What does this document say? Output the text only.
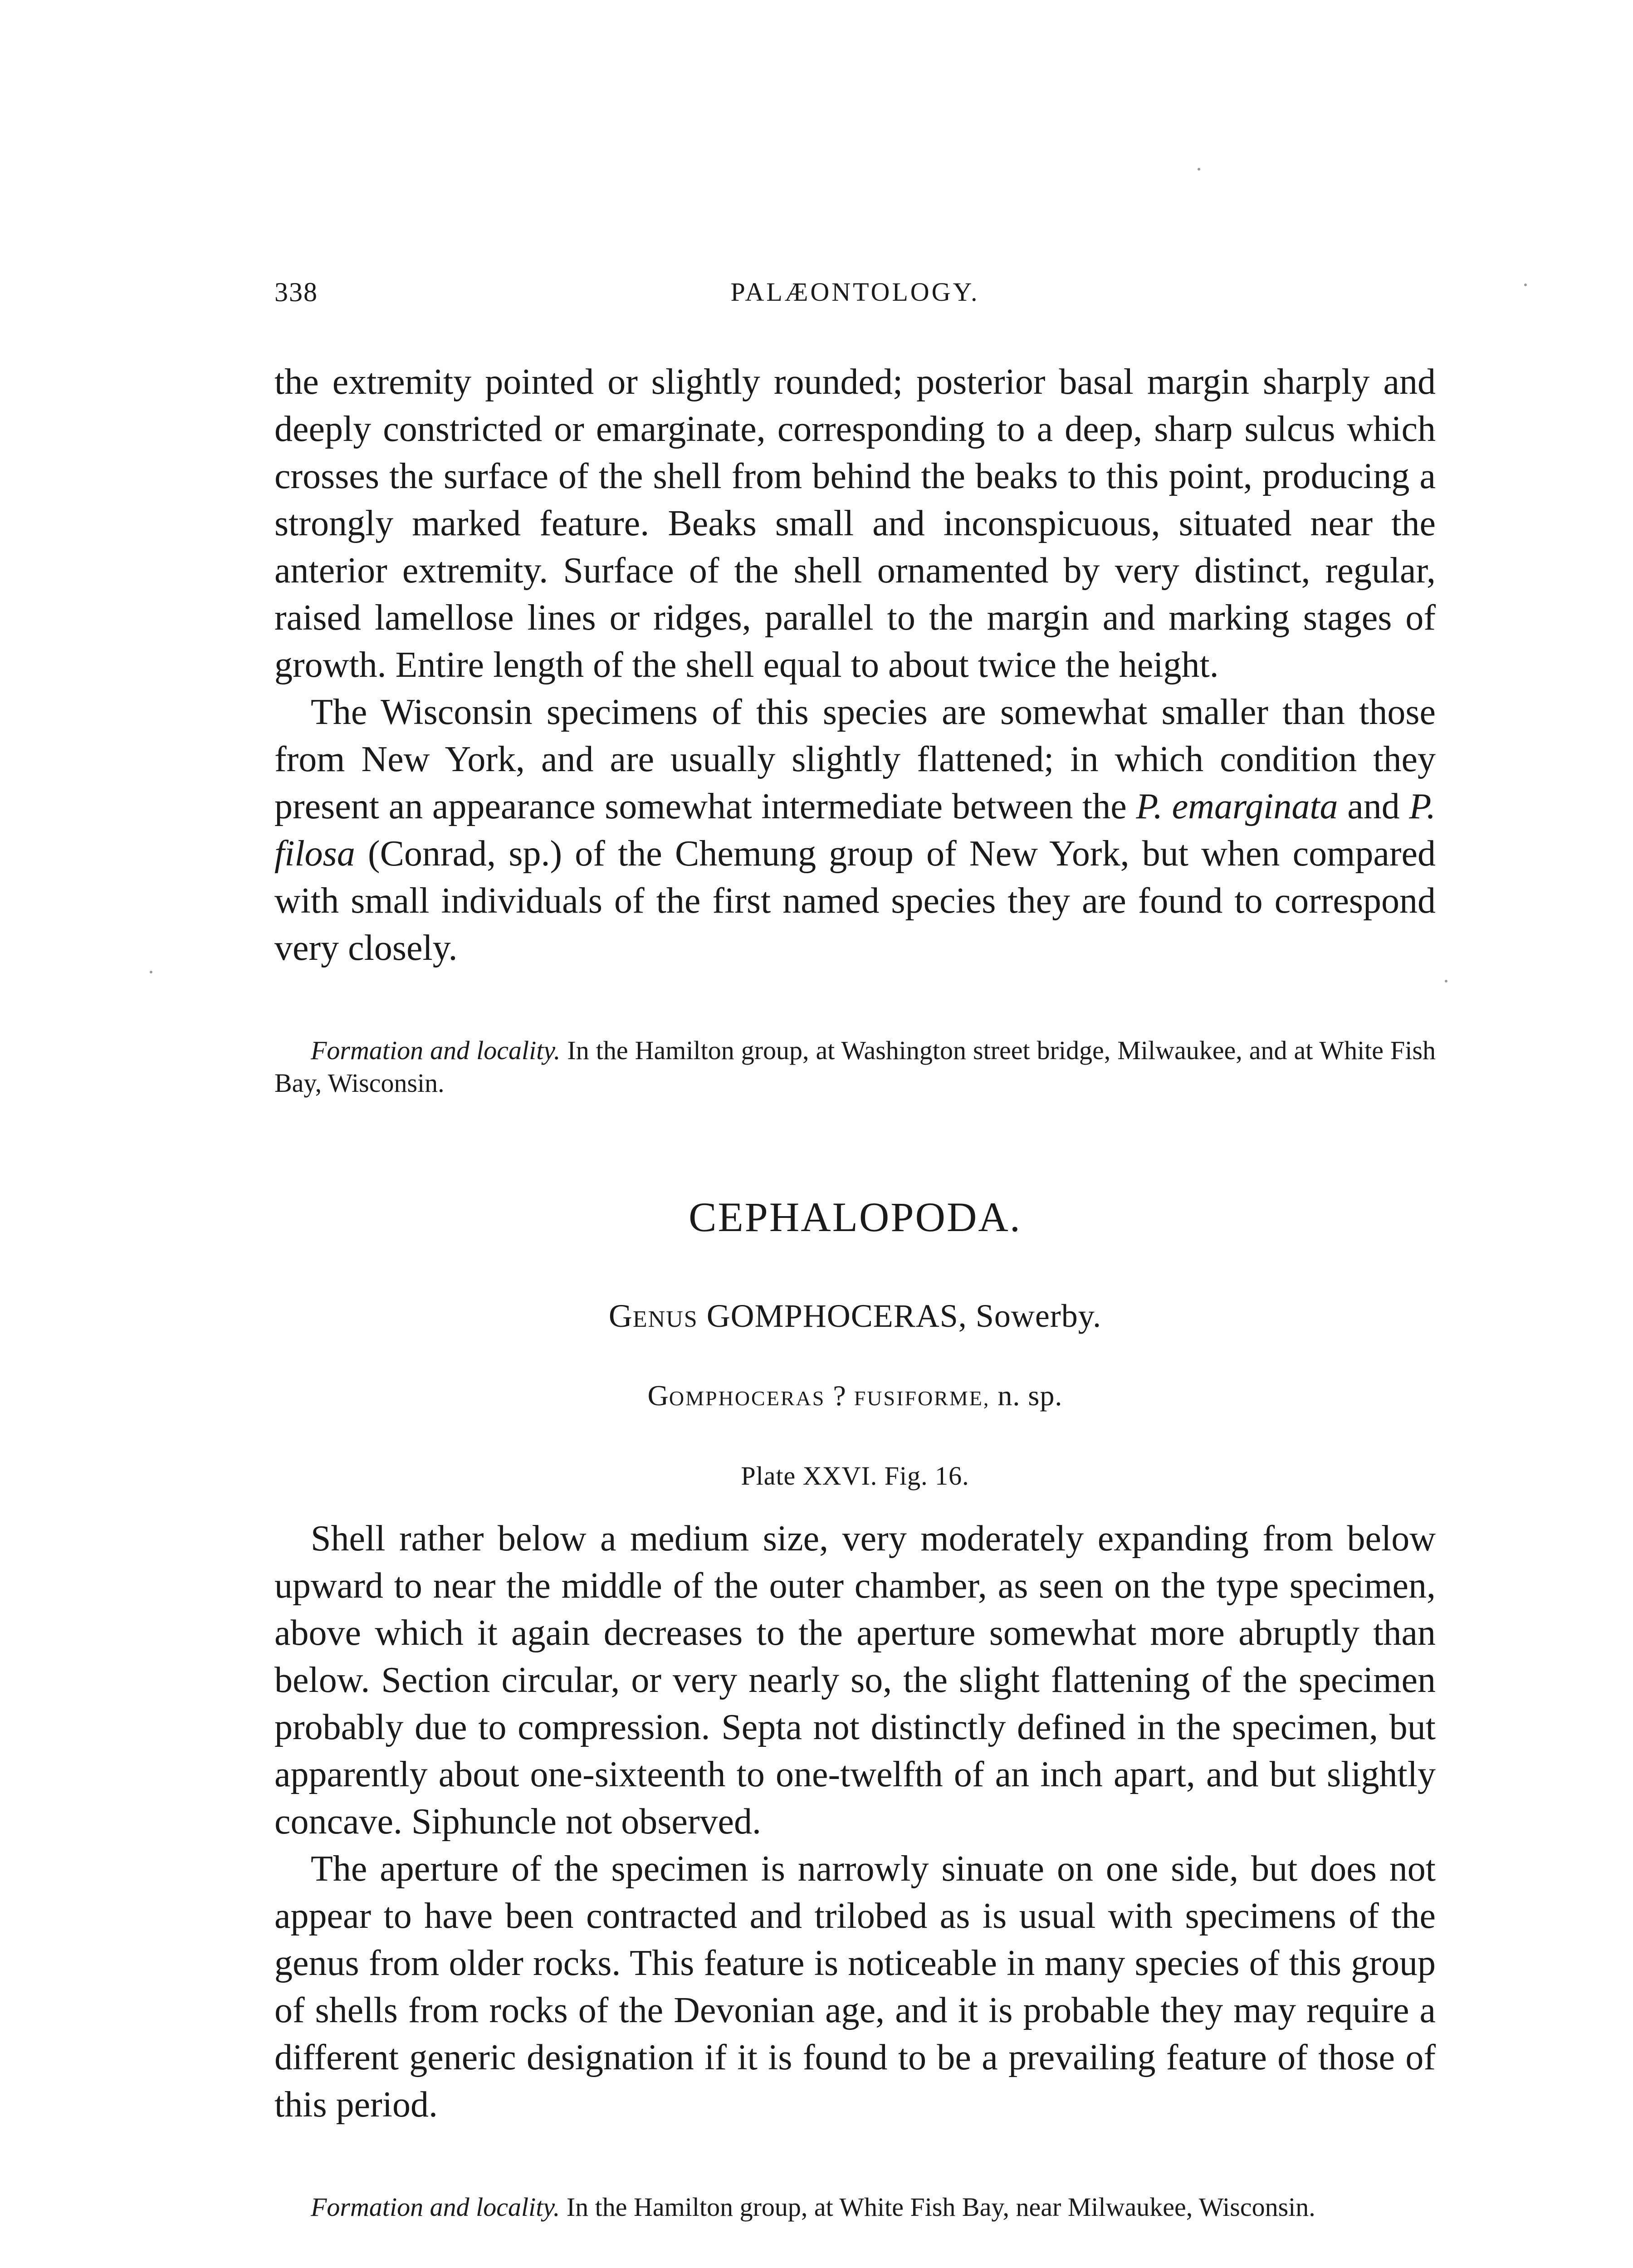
338	PALÆONTOLOGY.

the extremity pointed or slightly rounded; posterior basal margin sharply and deeply constricted or emarginate, corresponding to a deep, sharp sulcus which crosses the surface of the shell from behind the beaks to this point, producing a strongly marked feature. Beaks small and inconspicuous, situated near the anterior extremity. Surface of the shell ornamented by very distinct, regular, raised lamellose lines or ridges, parallel to the margin and marking stages of growth. Entire length of the shell equal to about twice the height.

The Wisconsin specimens of this species are somewhat smaller than those from New York, and are usually slightly flattened; in which condition they present an appearance somewhat intermediate between the P. emarginata and P. filosa (Conrad, sp.) of the Chemung group of New York, but when compared with small individuals of the first named species they are found to correspond very closely.

Formation and locality. In the Hamilton group, at Washington street bridge, Milwaukee, and at White Fish Bay, Wisconsin.

CEPHALOPODA.
GENUS GOMPHOCERAS, Sowerby.
GOMPHOCERAS ? FUSIFORME, n. sp.
Plate XXVI. Fig. 16.

Shell rather below a medium size, very moderately expanding from below upward to near the middle of the outer chamber, as seen on the type specimen, above which it again decreases to the aperture somewhat more abruptly than below. Section circular, or very nearly so, the slight flattening of the specimen probably due to compression. Septa not distinctly defined in the specimen, but apparently about one-sixteenth to one-twelfth of an inch apart, and but slightly concave. Siphuncle not observed.

The aperture of the specimen is narrowly sinuate on one side, but does not appear to have been contracted and trilobed as is usual with specimens of the genus from older rocks. This feature is noticeable in many species of this group of shells from rocks of the Devonian age, and it is probable they may require a different generic designation if it is found to be a prevailing feature of those of this period.

Formation and locality. In the Hamilton group, at White Fish Bay, near Milwaukee, Wisconsin.
